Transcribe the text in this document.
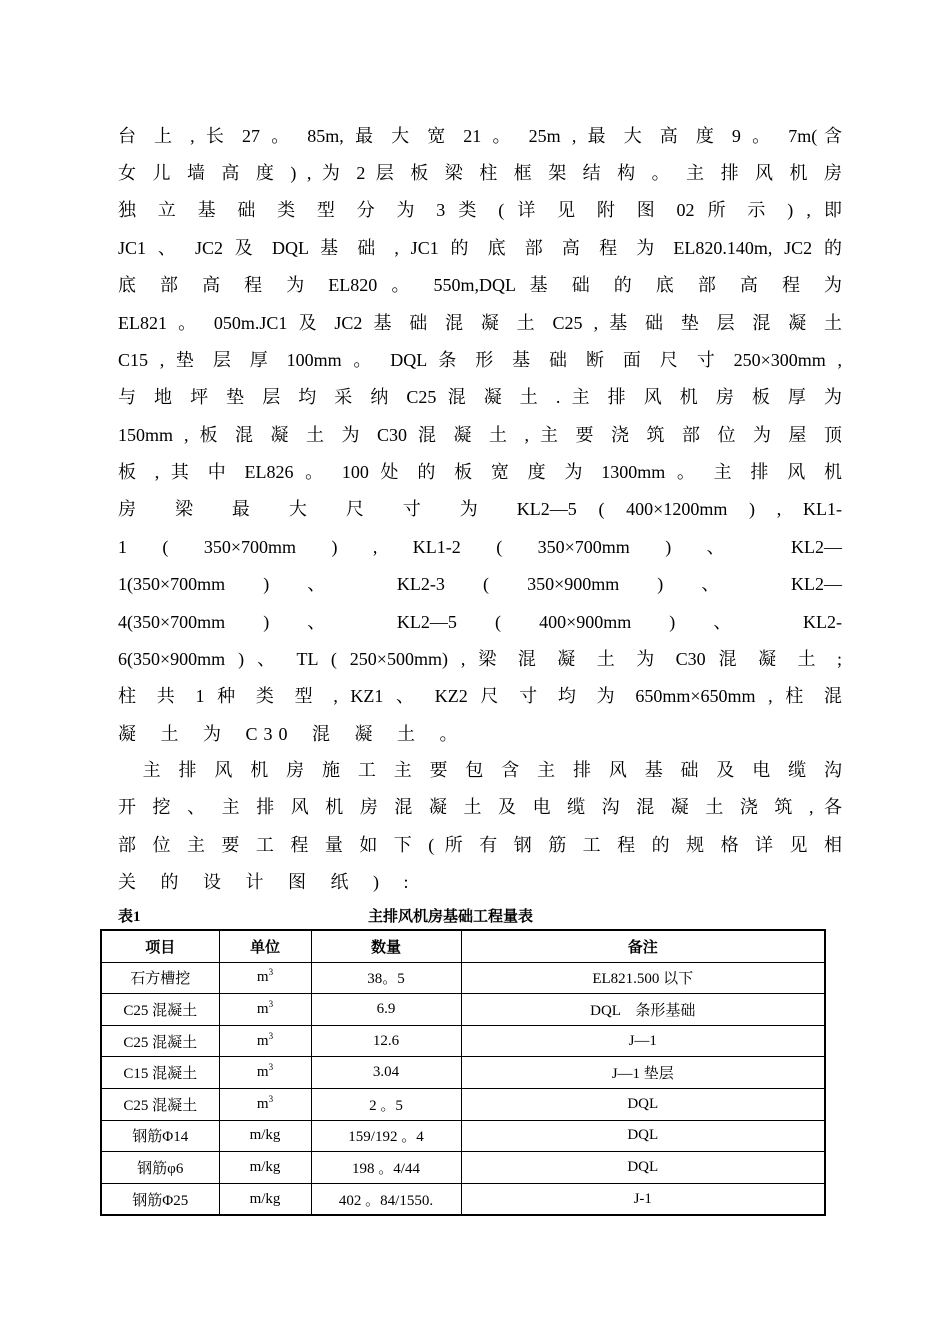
台 上 , 长 27 。 85m, 最 大 宽 21 。 25m , 最 大 高 度 9 。 7m(含
女 儿 墙 高 度 ) , 为 2 层 板 梁 柱 框 架 结 构 。 主 排 风 机 房
独 立 基 础 类 型 分 为 3 类 ( 详 见 附 图 02 所 示 ) , 即
JC1 、 JC2 及 DQL 基 础 , JC1 的 底 部 高 程 为 EL820.140m, JC2 的
底 部 高 程 为 EL820 。 550m,DQL 基 础 的 底 部 高 程 为
EL821 。 050m.JC1 及 JC2 基 础 混 凝 土 C25 , 基 础 垫 层 混 凝 土
C15 , 垫 层 厚 100mm 。 DQL 条 形 基 础 断 面 尺 寸 250×300mm ,
与 地 坪 垫 层 均 采 纳 C25 混 凝 土 . 主 排 风 机 房 板 厚 为
150mm , 板 混 凝 土 为 C30 混 凝 土 , 主 要 浇 筑 部 位 为 屋 顶
板 , 其 中 EL826 。 100 处 的 板 宽 度 为 1300mm 。 主 排 风 机
房 梁 最 大 尺 寸 为 KL2—5 ( 400×1200mm ) , KL1-
1 ( 350×700mm ) , KL1-2 ( 350×700mm ) 、 KL2—
1(350×700mm ) 、 KL2-3 ( 350×900mm ) 、 KL2—
4(350×700mm ) 、 KL2—5 ( 400×900mm ) 、 KL2-
6(350×900mm ) 、 TL ( 250×500mm) , 梁 混 凝 土 为 C30 混 凝 土 ;
柱 共 1 种 类 型 , KZ1 、 KZ2 尺 寸 均 为 650mm×650mm , 柱 混
凝 土 为 C30 混 凝 土 。
　主 排 风 机 房 施 工 主 要 包 含 主 排 风 基 础 及 电 缆 沟
开 挖 、 主 排 风 机 房 混 凝 土 及 电 缆 沟 混 凝 土 浇 筑 , 各
部 位 主 要 工 程 量 如 下 ( 所 有 钢 筋 工 程 的 规 格 详 见 相
关 的 设 计 图 纸 ) :
表1	主排风机房基础工程量表
项目	单位	数量	备注
石方槽挖	$m^3$	38。5	EL821.500 以下
C25 混凝土	$m^3$	6.9	DQL　条形基础
C25 混凝土	$m^3$	12.6	J—1
C15 混凝土	$m^3$	3.04	J—1 垫层
C25 混凝土	$m^3$	2 。5	DQL
钢筋Φ14	m/kg	159/192 。4	DQL
钢筋φ6	m/kg	198 。4/44	DQL
钢筋Φ25	m/kg	402 。84/1550.	J-1
